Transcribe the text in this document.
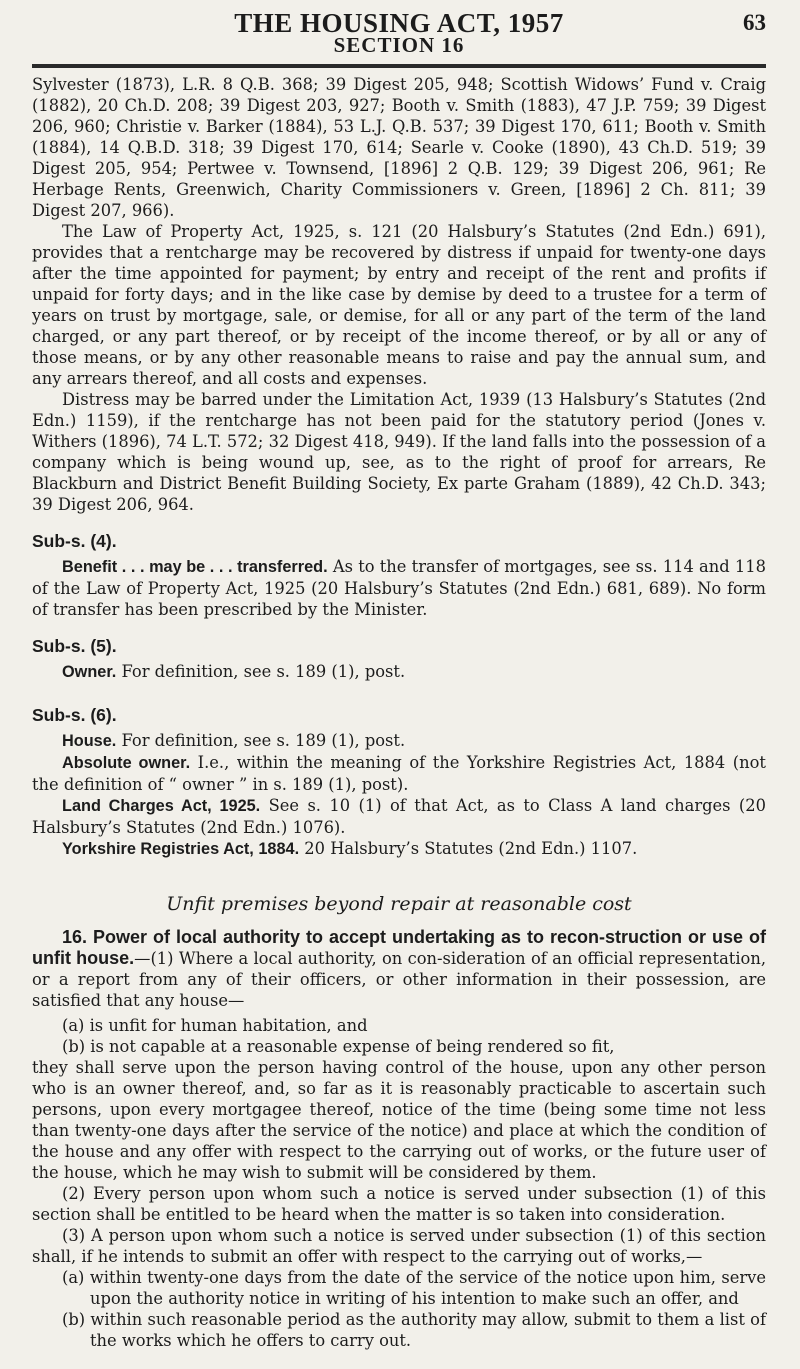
THE HOUSING ACT, 1957
SECTION 16
63

Sylvester (1873), L.R. 8 Q.B. 368; 39 Digest 205, 948; Scottish Widows’ Fund v. Craig (1882), 20 Ch.D. 208; 39 Digest 203, 927; Booth v. Smith (1883), 47 J.P. 759; 39 Digest 206, 960; Christie v. Barker (1884), 53 L.J. Q.B. 537; 39 Digest 170, 611; Booth v. Smith (1884), 14 Q.B.D. 318; 39 Digest 170, 614; Searle v. Cooke (1890), 43 Ch.D. 519; 39 Digest 205, 954; Pertwee v. Townsend, [1896] 2 Q.B. 129; 39 Digest 206, 961; Re Herbage Rents, Greenwich, Charity Commissioners v. Green, [1896] 2 Ch. 811; 39 Digest 207, 966).

The Law of Property Act, 1925, s. 121 (20 Halsbury’s Statutes (2nd Edn.) 691), provides that a rentcharge may be recovered by distress if unpaid for twenty-one days after the time appointed for payment; by entry and receipt of the rent and profits if unpaid for forty days; and in the like case by demise by deed to a trustee for a term of years on trust by mortgage, sale, or demise, for all or any part of the term of the land charged, or any part thereof, or by receipt of the income thereof, or by all or any of those means, or by any other reasonable means to raise and pay the annual sum, and any arrears thereof, and all costs and expenses.

Distress may be barred under the Limitation Act, 1939 (13 Halsbury’s Statutes (2nd Edn.) 1159), if the rentcharge has not been paid for the statutory period (Jones v. Withers (1896), 74 L.T. 572; 32 Digest 418, 949). If the land falls into the possession of a company which is being wound up, see, as to the right of proof for arrears, Re Blackburn and District Benefit Building Society, Ex parte Graham (1889), 42 Ch.D. 343; 39 Digest 206, 964.

Sub-s. (4).

Benefit . . . may be . . . transferred. As to the transfer of mortgages, see ss. 114 and 118 of the Law of Property Act, 1925 (20 Halsbury’s Statutes (2nd Edn.) 681, 689). No form of transfer has been prescribed by the Minister.

Sub-s. (5).

Owner. For definition, see s. 189 (1), post.

Sub-s. (6).

House. For definition, see s. 189 (1), post.

Absolute owner. I.e., within the meaning of the Yorkshire Registries Act, 1884 (not the definition of “ owner ” in s. 189 (1), post).

Land Charges Act, 1925. See s. 10 (1) of that Act, as to Class A land charges (20 Halsbury’s Statutes (2nd Edn.) 1076).

Yorkshire Registries Act, 1884. 20 Halsbury’s Statutes (2nd Edn.) 1107.

Unfit premises beyond repair at reasonable cost

16. Power of local authority to accept undertaking as to recon-struction or use of unfit house.—(1) Where a local authority, on con-sideration of an official representation, or a report from any of their officers, or other information in their possession, are satisfied that any house—

(a) is unfit for human habitation, and

(b) is not capable at a reasonable expense of being rendered so fit,

they shall serve upon the person having control of the house, upon any other person who is an owner thereof, and, so far as it is reasonably practicable to ascertain such persons, upon every mortgagee thereof, notice of the time (being some time not less than twenty-one days after the service of the notice) and place at which the condition of the house and any offer with respect to the carrying out of works, or the future user of the house, which he may wish to submit will be considered by them.

(2) Every person upon whom such a notice is served under subsection (1) of this section shall be entitled to be heard when the matter is so taken into consideration.

(3) A person upon whom such a notice is served under subsection (1) of this section shall, if he intends to submit an offer with respect to the carrying out of works,—

(a) within twenty-one days from the date of the service of the notice upon him, serve upon the authority notice in writing of his intention to make such an offer, and

(b) within such reasonable period as the authority may allow, submit to them a list of the works which he offers to carry out.
